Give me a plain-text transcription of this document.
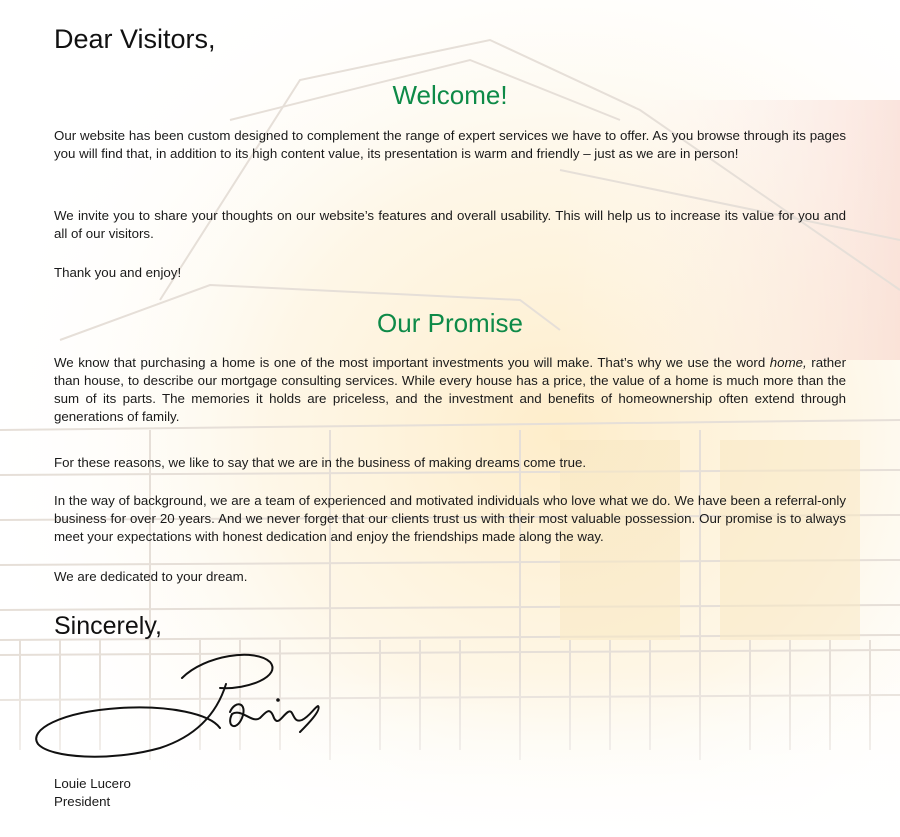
Dear Visitors,
Welcome!

Our website has been custom designed to complement the range of expert services we have to offer. As you browse through its pages you will find that, in addition to its high content value, its presentation is warm and friendly – just as we are in person!

We invite you to share your thoughts on our website’s features and overall usability. This will help us to increase its value for you and all of our visitors.

Thank you and enjoy!

Our Promise

We know that purchasing a home is one of the most important investments you will make. That’s why we use the word home, rather than house, to describe our mortgage consulting services. While every house has a price, the value of a home is much more than the sum of its parts. The memories it holds are priceless, and the investment and benefits of homeownership often extend through generations of family.

For these reasons, we like to say that we are in the business of making dreams come true.

In the way of background, we are a team of experienced and motivated individuals who love what we do. We have been a referral-only business for over 20 years. And we never forget that our clients trust us with their most valuable possession. Our promise is to always meet your expectations with honest dedication and enjoy the friendships made along the way.

We are dedicated to your dream.

Sincerely,

Louie Lucero

President
